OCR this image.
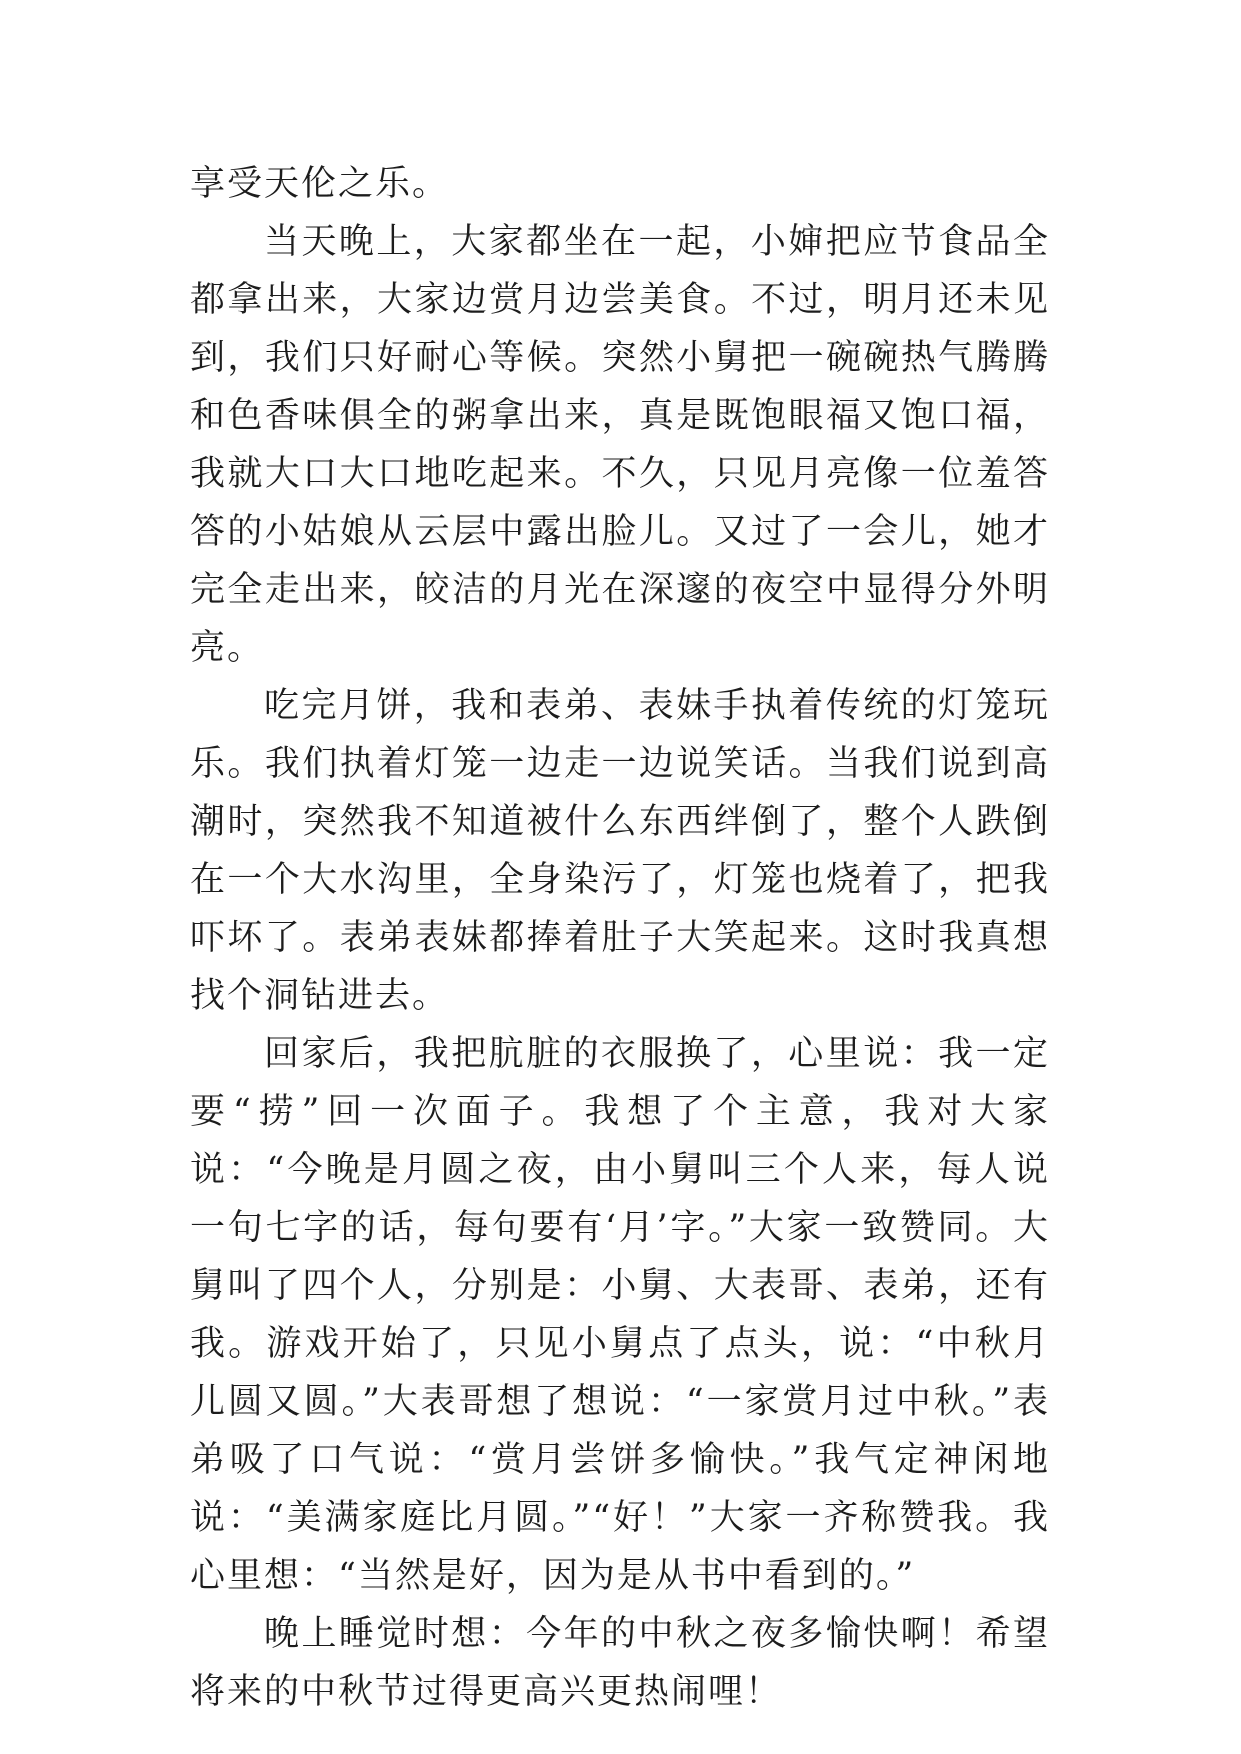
享受天伦之乐。

当天晚上，大家都坐在一起，小婶把应节食品全都拿出来，大家边赏月边尝美食。不过，明月还未见到，我们只好耐心等候。突然小舅把一碗碗热气腾腾和色香味俱全的粥拿出来，真是既饱眼福又饱口福，我就大口大口地吃起来。不久，只见月亮像一位羞答答的小姑娘从云层中露出脸儿。又过了一会儿，她才完全走出来，皎洁的月光在深邃的夜空中显得分外明亮。

吃完月饼，我和表弟、表妹手执着传统的灯笼玩乐。我们执着灯笼一边走一边说笑话。当我们说到高潮时，突然我不知道被什么东西绊倒了，整个人跌倒在一个大水沟里，全身染污了，灯笼也烧着了，把我吓坏了。表弟表妹都捧着肚子大笑起来。这时我真想找个洞钻进去。

回家后，我把肮脏的衣服换了，心里说：我一定要“捞”回一次面子。我想了个主意，我对大家说：“今晚是月圆之夜，由小舅叫三个人来，每人说一句七字的话，每句要有‘月’字。”大家一致赞同。大舅叫了四个人，分别是：小舅、大表哥、表弟，还有我。游戏开始了，只见小舅点了点头，说：“中秋月儿圆又圆。”大表哥想了想说：“一家赏月过中秋。”表弟吸了口气说：“赏月尝饼多愉快。”我气定神闲地说：“美满家庭比月圆。”“好！”大家一齐称赞我。我心里想：“当然是好，因为是从书中看到的。”

晚上睡觉时想：今年的中秋之夜多愉快啊！希望将来的中秋节过得更高兴更热闹哩！
